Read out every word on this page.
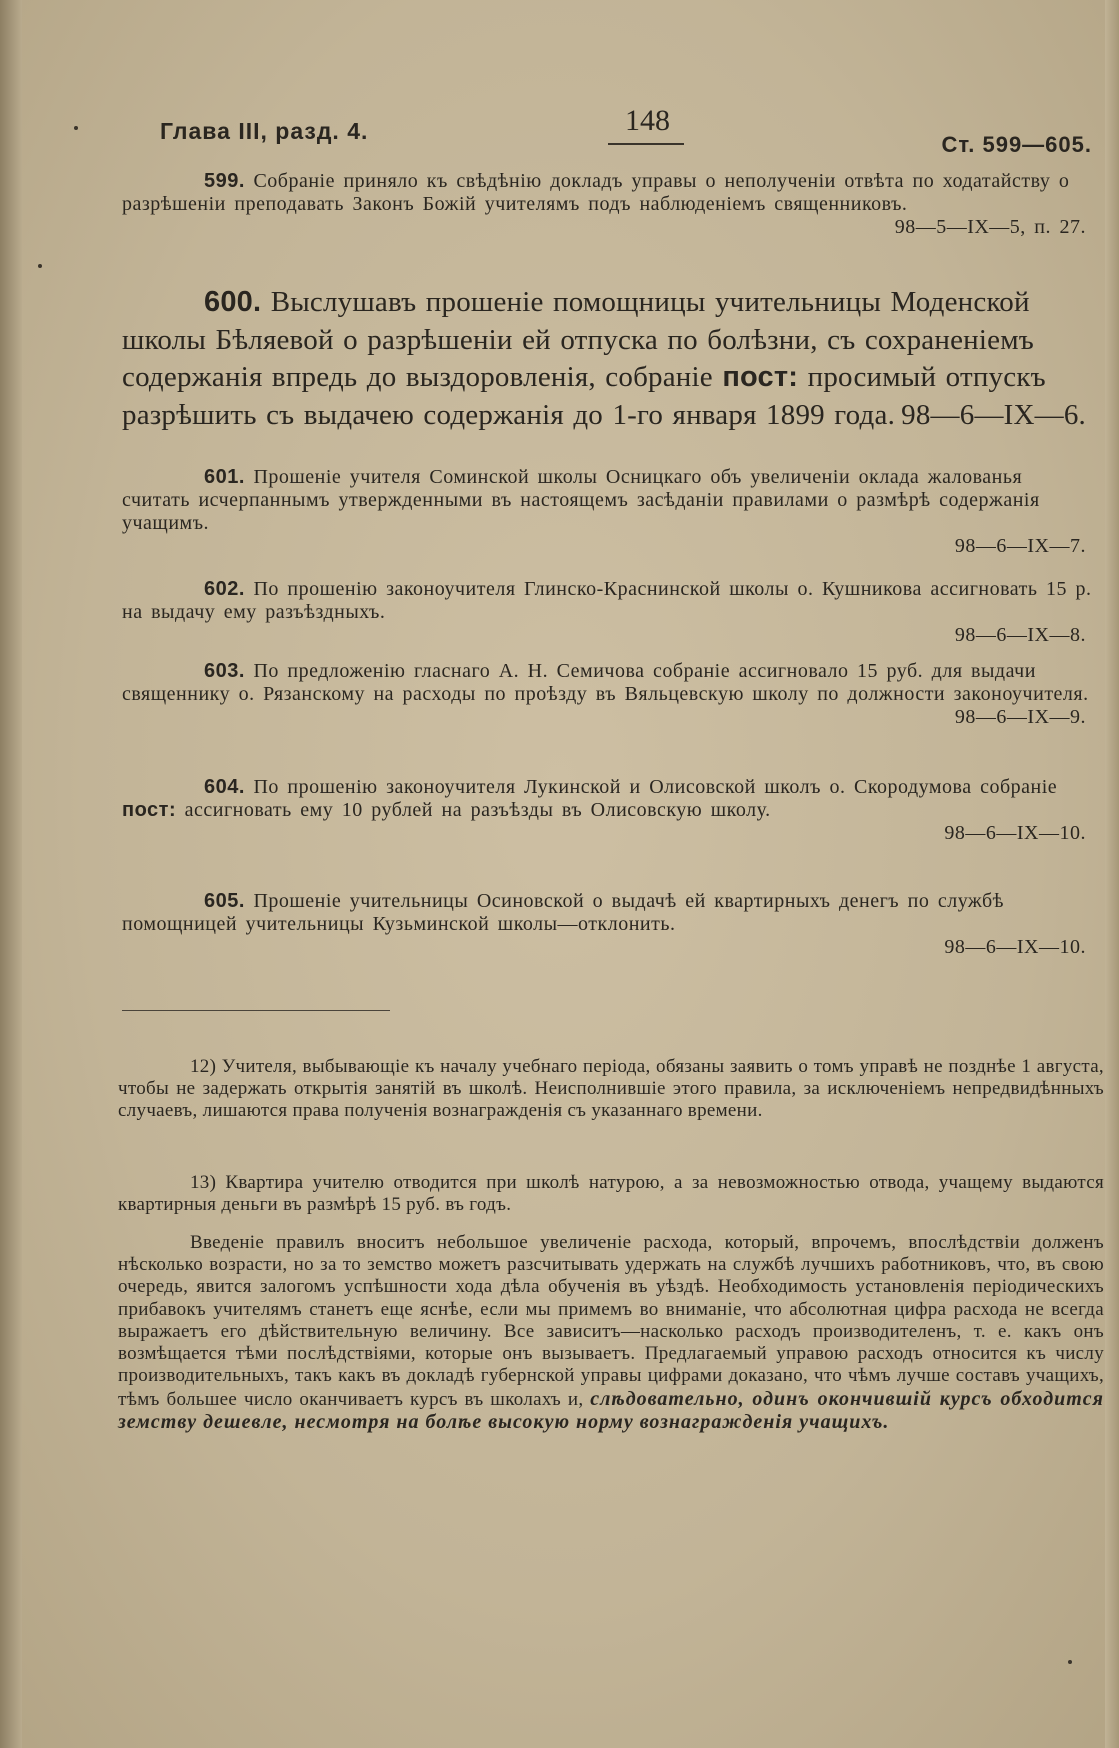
Глава III, разд. 4.	148
Ст. 599—605.
599. Собраніе приняло къ свѣдѣнію докладъ управы о неполученіи отвѣта по ходатайству о разрѣшеніи преподавать Законъ Божій учителямъ подъ наблюденіемъ священниковъ.
98—5—IX—5, п. 27.
600. Выслушавъ прошеніе помощницы учительницы Моденской школы Бѣляевой о разрѣшеніи ей отпуска по болѣзни, съ сохраненіемъ содержанія впредь до выздоровленія, собраніе пост: просимый отпускъ разрѣшить съ выдачею содержанія до 1-го января 1899 года. 98—6—IX—6.
601. Прошеніе учителя Соминской школы Осницкаго объ увеличеніи оклада жалованья считать исчерпаннымъ утвержденными въ настоящемъ засѣданіи правилами о размѣрѣ содержанія учащимъ.
98—6—IX—7.
602. По прошенію законоучителя Глинско-Краснинской школы о. Кушникова ассигновать 15 р. на выдачу ему разъѣздныхъ.
98—6—IX—8.
603. По предложенію гласнаго А. Н. Семичова собраніе ассигновало 15 руб. для выдачи священнику о. Рязанскому на расходы по проѣзду въ Вяльцевскую школу по должности законоучителя.
98—6—IX—9.
604. По прошенію законоучителя Лукинской и Олисовской школъ о. Скородумова собраніе пост: ассигновать ему 10 рублей на разъѣзды въ Олисовскую школу.
98—6—IX—10.
605. Прошеніе учительницы Осиновской о выдачѣ ей квартирныхъ денегъ по службѣ помощницей учительницы Кузьминской школы—отклонить.
98—6—IX—10.
12) Учителя, выбывающіе къ началу учебнаго періода, обязаны заявить о томъ управѣ не позднѣе 1 августа, чтобы не задержать открытія занятій въ школѣ. Неисполнившіе этого правила, за исключеніемъ непредвидѣнныхъ случаевъ, лишаются права полученія вознагражденія съ указаннаго времени.
13) Квартира учителю отводится при школѣ натурою, а за невозможностью отвода, учащему выдаются квартирныя деньги въ размѣрѣ 15 руб. въ годъ.
Введеніе правилъ вноситъ небольшое увеличеніе расхода, который, впрочемъ, впослѣдствіи долженъ нѣсколько возрасти, но за то земство можетъ разсчитывать удержать на службѣ лучшихъ работниковъ, что, въ свою очередь, явится залогомъ успѣшности хода дѣла обученія въ уѣздѣ. Необходимость установленія періодическихъ прибавокъ учителямъ станетъ еще яснѣе, если мы примемъ во вниманіе, что абсолютная цифра расхода не всегда выражаетъ его дѣйствительную величину. Все зависитъ—насколько расходъ производителенъ, т. е. какъ онъ возмѣщается тѣми послѣдствіями, которые онъ вызываетъ. Предлагаемый управою расходъ относится къ числу производительныхъ, такъ какъ въ докладѣ губернской управы цифрами доказано, что чѣмъ лучше составъ учащихъ, тѣмъ большее число оканчиваетъ курсъ въ школахъ и, слѣдовательно, одинъ окончившій курсъ обходится земству дешевле, несмотря на болѣе высокую норму вознагражденія учащихъ.
